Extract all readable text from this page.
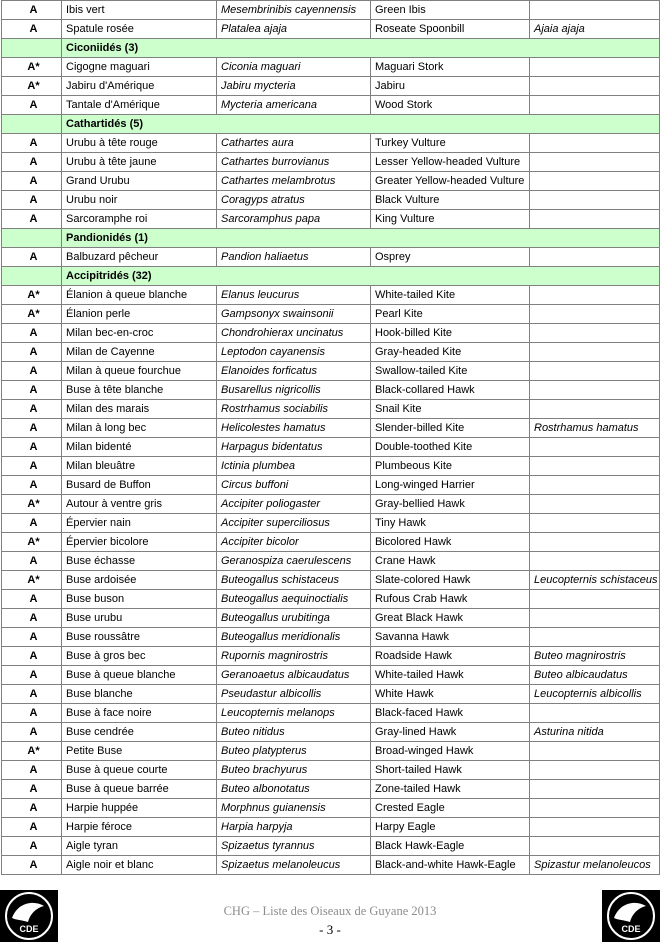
A	Ibis vert	Mesembrinibis cayennensis	Green Ibis	
A	Spatule rosée	Platalea ajaja	Roseate Spoonbill	Ajaia ajaja
	Ciconiidés (3)			
A*	Cigogne maguari	Ciconia maguari	Maguari Stork	
A*	Jabiru d'Amérique	Jabiru mycteria	Jabiru	
A	Tantale d'Amérique	Mycteria americana	Wood Stork	
	Cathartidés (5)			
A	Urubu à tête rouge	Cathartes aura	Turkey Vulture	
A	Urubu à tête jaune	Cathartes burrovianus	Lesser Yellow-headed Vulture	
A	Grand Urubu	Cathartes melambrotus	Greater Yellow-headed Vulture	
A	Urubu noir	Coragyps atratus	Black Vulture	
A	Sarcoramphe roi	Sarcoramphus papa	King Vulture	
	Pandionidés (1)			
A	Balbuzard pêcheur	Pandion haliaetus	Osprey	
	Accipitridés (32)			
A*	Élanion à queue blanche	Elanus leucurus	White-tailed Kite	
A*	Élanion perle	Gampsonyx swainsonii	Pearl Kite	
A	Milan bec-en-croc	Chondrohierax uncinatus	Hook-billed Kite	
A	Milan de Cayenne	Leptodon cayanensis	Gray-headed Kite	
A	Milan à queue fourchue	Elanoides forficatus	Swallow-tailed Kite	
A	Buse à tête blanche	Busarellus nigricollis	Black-collared Hawk	
A	Milan des marais	Rostrhamus sociabilis	Snail Kite	
A	Milan à long bec	Helicolestes hamatus	Slender-billed Kite	Rostrhamus hamatus
A	Milan bidenté	Harpagus bidentatus	Double-toothed Kite	
A	Milan bleuâtre	Ictinia plumbea	Plumbeous Kite	
A	Busard de Buffon	Circus buffoni	Long-winged Harrier	
A*	Autour à ventre gris	Accipiter poliogaster	Gray-bellied Hawk	
A	Épervier nain	Accipiter superciliosus	Tiny Hawk	
A*	Épervier bicolore	Accipiter bicolor	Bicolored Hawk	
A	Buse échasse	Geranospiza caerulescens	Crane Hawk	
A*	Buse ardoisée	Buteogallus schistaceus	Slate-colored Hawk	Leucopternis schistaceus
A	Buse buson	Buteogallus aequinoctialis	Rufous Crab Hawk	
A	Buse urubu	Buteogallus urubitinga	Great Black Hawk	
A	Buse roussâtre	Buteogallus meridionalis	Savanna Hawk	
A	Buse à gros bec	Rupornis magnirostris	Roadside Hawk	Buteo magnirostris
A	Buse à queue blanche	Geranoaetus albicaudatus	White-tailed Hawk	Buteo albicaudatus
A	Buse blanche	Pseudastur albicollis	White Hawk	Leucopternis albicollis
A	Buse à face noire	Leucopternis melanops	Black-faced Hawk	
A	Buse cendrée	Buteo nitidus	Gray-lined Hawk	Asturina nitida
A*	Petite Buse	Buteo platypterus	Broad-winged Hawk	
A	Buse à queue courte	Buteo brachyurus	Short-tailed Hawk	
A	Buse à queue barrée	Buteo albonotatus	Zone-tailed Hawk	
A	Harpie huppée	Morphnus guianensis	Crested Eagle	
A	Harpie féroce	Harpia harpyja	Harpy Eagle	
A	Aigle tyran	Spizaetus tyrannus	Black Hawk-Eagle	
A	Aigle noir et blanc	Spizaetus melanoleucus	Black-and-white Hawk-Eagle	Spizastur melanoleucos
CDE	CDE
CHG – Liste des Oiseaux de Guyane 2013
- 3 -
